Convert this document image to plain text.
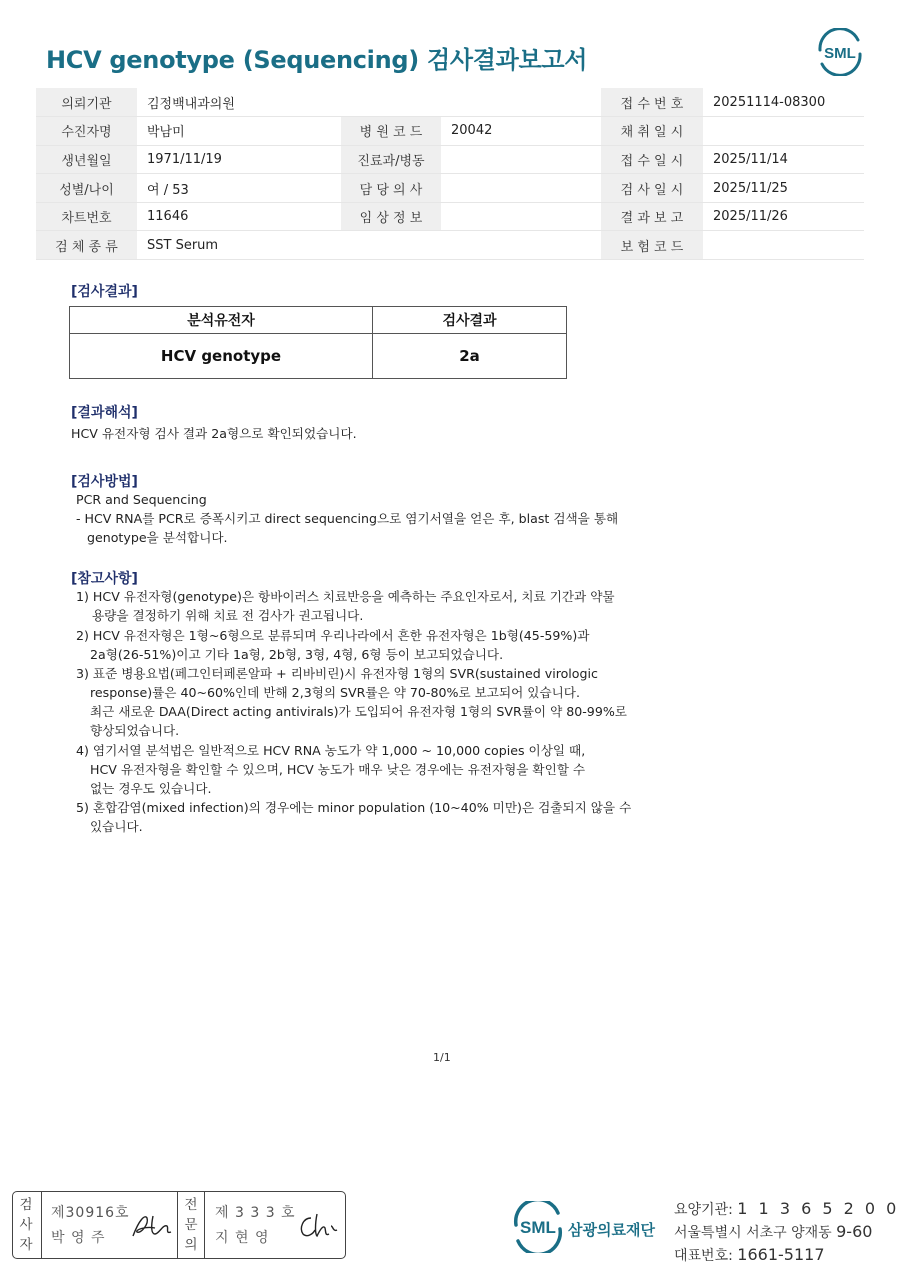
HCV genotype (Sequencing) 검사결과보고서	SML
의뢰기관	김정백내과의원			접 수 번 호	20251114-08300
수진자명	박남미	병 원 코 드	20042	채 취 일 시	
생년월일	1971/11/19	진료과/병동		접 수 일 시	2025/11/14
성별/나이	여 / 53	담 당 의 사		검 사 일 시	2025/11/25
차트번호	11646	임 상 정 보		결 과 보 고	2025/11/26
검 체 종 류	SST Serum			보 험 코 드	
[검사결과]
분석유전자	검사결과
HCV genotype	2a
[결과해석]
HCV 유전자형 검사 결과 2a형으로 확인되었습니다.
[검사방법]
PCR and Sequencing
- HCV RNA를 PCR로 증폭시키고 direct sequencing으로 염기서열을 얻은 후, blast 검색을 통해
genotype을 분석합니다.
[참고사항]
1) HCV 유전자형(genotype)은 항바이러스 치료반응을 예측하는 주요인자로서, 치료 기간과 약물
용량을 결정하기 위해 치료 전 검사가 권고됩니다.
2) HCV 유전자형은 1형~6형으로 분류되며 우리나라에서 흔한 유전자형은 1b형(45-59%)과
2a형(26-51%)이고 기타 1a형, 2b형, 3형, 4형, 6형 등이 보고되었습니다.
3) 표준 병용요법(페그인터페론알파 + 리바비린)시 유전자형 1형의 SVR(sustained virologic
response)률은 40~60%인데 반해 2,3형의 SVR률은 약 70-80%로 보고되어 있습니다.
최근 새로운 DAA(Direct acting antivirals)가 도입되어 유전자형 1형의 SVR률이 약 80-99%로
향상되었습니다.
4) 염기서열 분석법은 일반적으로 HCV RNA 농도가 약 1,000 ~ 10,000 copies 이상일 때,
HCV 유전자형을 확인할 수 있으며, HCV 농도가 매우 낮은 경우에는 유전자형을 확인할 수
없는 경우도 있습니다.
5) 혼합감염(mixed infection)의 경우에는 minor population (10~40% 미만)은 검출되지 않을 수
있습니다.
1/1
검
사
자
제30916호
박 영 주
전
문
의
제 3 3 3 호
지 현 영
SML 삼광의료재단
요양기관: 1 1 3 6 5 2 0 0
서울특별시 서초구 양재동 9-60
대표번호: 1661-5117
